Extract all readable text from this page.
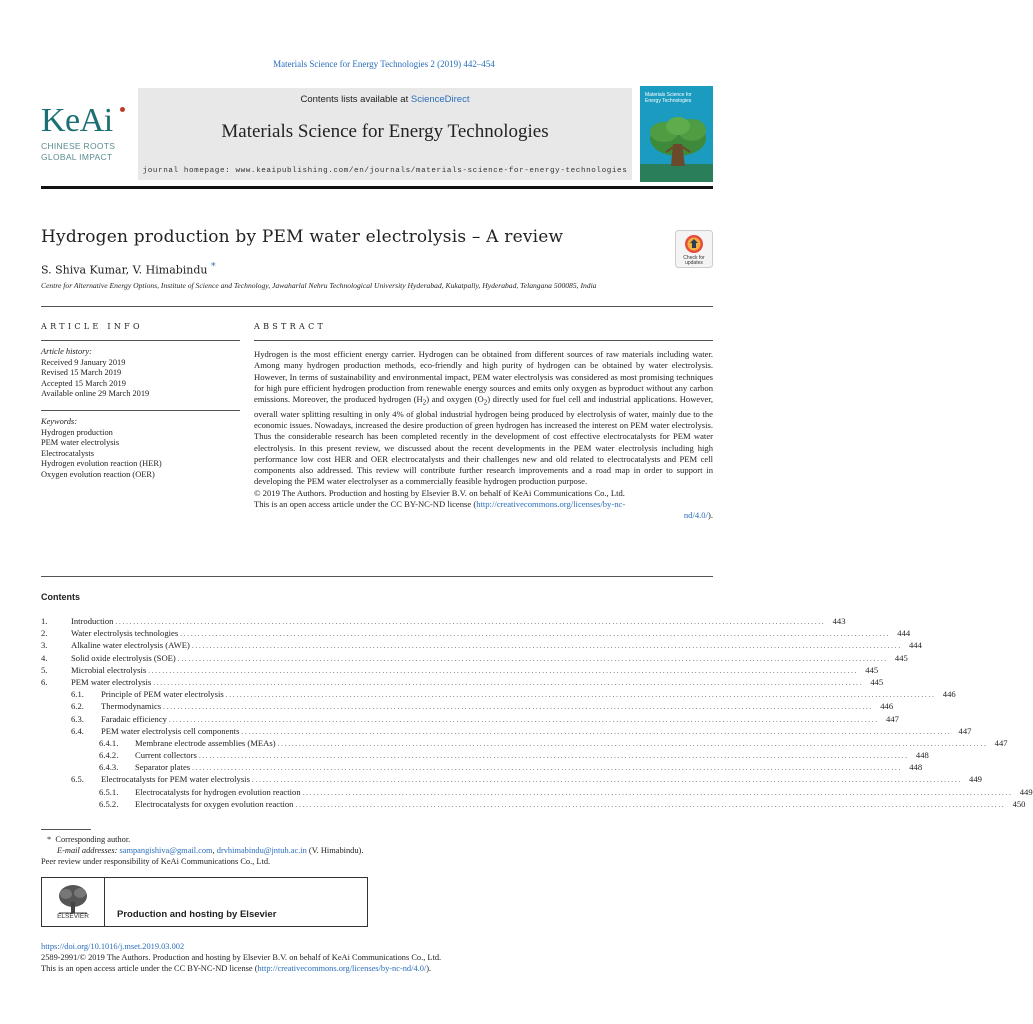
Materials Science for Energy Technologies 2 (2019) 442–454
KeAi
CHINESE ROOTS
GLOBAL IMPACT
Contents lists available at ScienceDirect
Materials Science for Energy Technologies
journal homepage: www.keaipublishing.com/en/journals/materials-science-for-energy-technologies
Materials Science for Energy Technologies
Hydrogen production by PEM water electrolysis – A review
S. Shiva Kumar, V. Himabindu *
Centre for Alternative Energy Options, Institute of Science and Technology, Jawaharlal Nehru Technological University Hyderabad, Kukatpally, Hyderabad, Telangana 500085, India
Check for
updates
ARTICLE INFO	ABSTRACT
Article history:
Received 9 January 2019
Revised 15 March 2019
Accepted 15 March 2019
Available online 29 March 2019
Keywords:
Hydrogen production
PEM water electrolysis
Electrocatalysts
Hydrogen evolution reaction (HER)
Oxygen evolution reaction (OER)
Hydrogen is the most efficient energy carrier. Hydrogen can be obtained from different sources of raw materials including water. Among many hydrogen production methods, eco-friendly and high purity of hydrogen can be obtained by water electrolysis. However, In terms of sustainability and environmental impact, PEM water electrolysis was considered as most promising techniques for high pure efficient hydrogen production from renewable energy sources and emits only oxygen as byproduct without any carbon emissions. Moreover, the produced hydrogen $(H_2)$ and oxygen $(O_2)$ directly used for fuel cell and industrial applications. However, overall water splitting resulting in only 4% of global industrial hydrogen being produced by electrolysis of water, mainly due to the economic issues. Nowadays, increased the desire production of green hydrogen has increased the interest on PEM water electrolysis. Thus the considerable research has been completed recently in the development of cost effective electrocatalysts for PEM water electrolysis. In this present review, we discussed about the recent developments in the PEM water electrolysis including high performance low cost HER and OER electrocatalysts and their challenges new and old related to electrocatalysts and PEM cell components also addressed. This review will contribute further research improvements and a road map in order to support in developing the PEM water electrolyser as a commercially feasible hydrogen production purpose.
© 2019 The Authors. Production and hosting by Elsevier B.V. on behalf of KeAi Communications Co., Ltd.
This is an open access article under the CC BY-NC-ND license (http://creativecommons.org/licenses/by-nc-
nd/4.0/).
Contents
1.	Introduction ........................................................................................................................................................................................................ 443
2.	Water electrolysis technologies ........................................................................................................................................................................................................ 444
3.	Alkaline water electrolysis (AWE) ........................................................................................................................................................................................................ 444
4.	Solid oxide electrolysis (SOE) ........................................................................................................................................................................................................ 445
5.	Microbial electrolysis ........................................................................................................................................................................................................ 445
6.	PEM water electrolysis ........................................................................................................................................................................................................ 445
6.1.	Principle of PEM water electrolysis ........................................................................................................................................................................................................ 446
6.2.	Thermodynamics ........................................................................................................................................................................................................ 446
6.3.	Faradaic efficiency ........................................................................................................................................................................................................ 447
6.4.	PEM water electrolysis cell components ........................................................................................................................................................................................................ 447
6.4.1.	Membrane electrode assemblies (MEAs) ........................................................................................................................................................................................................ 447
6.4.2.	Current collectors ........................................................................................................................................................................................................ 448
6.4.3.	Separator plates ........................................................................................................................................................................................................ 448
6.5.	Electrocatalysts for PEM water electrolysis ........................................................................................................................................................................................................ 449
6.5.1.	Electrocatalysts for hydrogen evolution reaction ........................................................................................................................................................................................................ 449
6.5.2.	Electrocatalysts for oxygen evolution reaction ........................................................................................................................................................................................................ 450
* Corresponding author.
E-mail addresses: sampangishiva@gmail.com, drvhimabindu@jntuh.ac.in (V. Himabindu).
Peer review under responsibility of KeAi Communications Co., Ltd.
ELSEVIER	Production and hosting by Elsevier
https://doi.org/10.1016/j.mset.2019.03.002
2589-2991/© 2019 The Authors. Production and hosting by Elsevier B.V. on behalf of KeAi Communications Co., Ltd.
This is an open access article under the CC BY-NC-ND license (http://creativecommons.org/licenses/by-nc-nd/4.0/).
